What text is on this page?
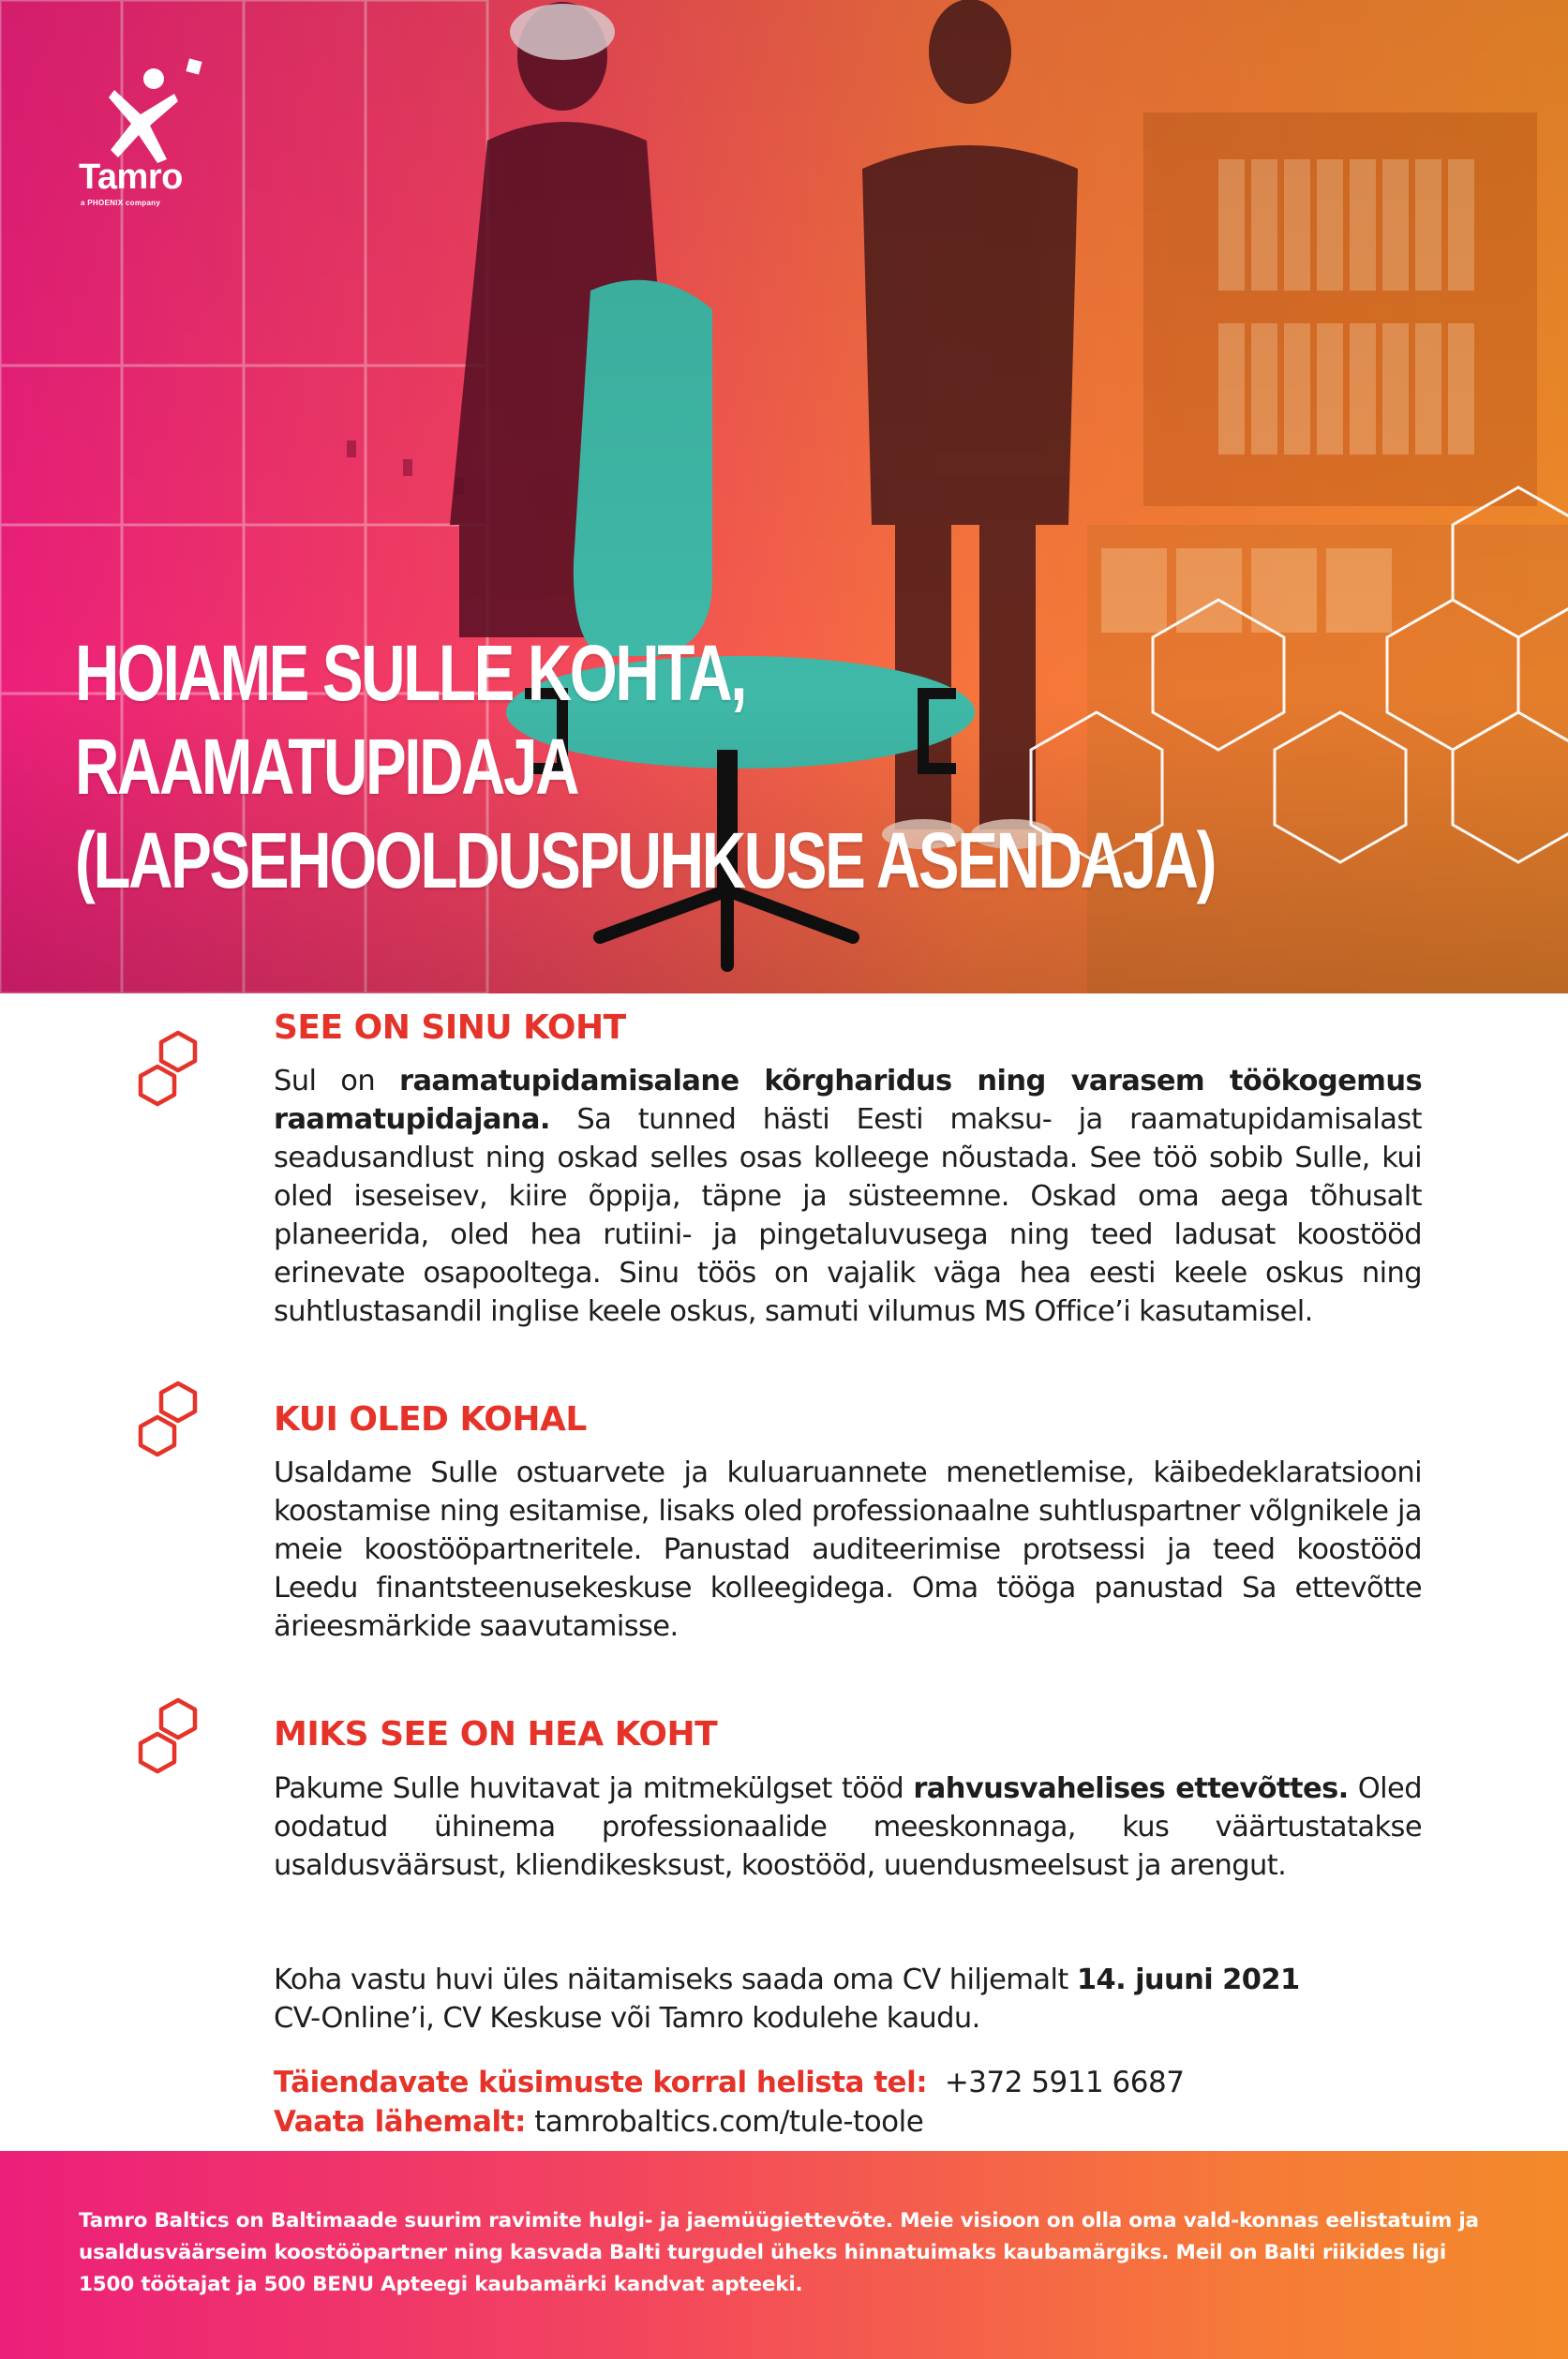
Tamro
a PHOENIX company
HOIAME SULLE KOHTA,
RAAMATUPIDAJA
(LAPSEHOOLDUSPUHKUSE ASENDAJA)
SEE ON SINU KOHT
Sul on raamatupidamisalane kõrgharidus ning varasem töökogemus raamatupidajana. Sa tunned hästi Eesti maksu- ja raamatupidamisalast seadusandlust ning oskad selles osas kolleege nõustada. See töö sobib Sulle, kui oled iseseisev, kiire õppija, täpne ja süsteemne. Oskad oma aega tõhusalt planeerida, oled hea rutiini- ja pingetaluvusega ning teed ladusat koostööd erinevate osapooltega. Sinu töös on vajalik väga hea eesti keele oskus ning suhtlustasandil inglise keele oskus, samuti vilumus MS Office’i kasutamisel.
KUI OLED KOHAL
Usaldame Sulle ostuarvete ja kuluaruannete menetlemise, käibedeklaratsiooni koostamise ning esitamise, lisaks oled professionaalne suhtluspartner võlgnikele ja meie koostööpartneritele. Panustad auditeerimise protsessi ja teed koostööd Leedu finantsteenusekeskuse kolleegidega. Oma tööga panustad Sa ettevõtte ärieesmärkide saavutamisse.
MIKS SEE ON HEA KOHT
Pakume Sulle huvitavat ja mitmekülgset tööd rahvusvahelises ettevõttes. Oled oodatud ühinema professionaalide meeskonnaga, kus väärtustatakse usaldusväärsust, kliendikesksust, koostööd, uuendusmeelsust ja arengut.
Koha vastu huvi üles näitamiseks saada oma CV hiljemalt 14. juuni 2021
CV-Online’i, CV Keskuse või Tamro kodulehe kaudu.
Täiendavate küsimuste korral helista tel: +372 5911 6687
Vaata lähemalt: tamrobaltics.com/tule-toole
Tamro Baltics on Baltimaade suurim ravimite hulgi- ja jaemüügiettevõte. Meie visioon on olla oma vald-konnas eelistatuim ja usaldusväärseim koostööpartner ning kasvada Balti turgudel üheks hinnatuimaks kaubamärgiks. Meil on Balti riikides ligi 1500 töötajat ja 500 BENU Apteegi kaubamärki kandvat apteeki.
